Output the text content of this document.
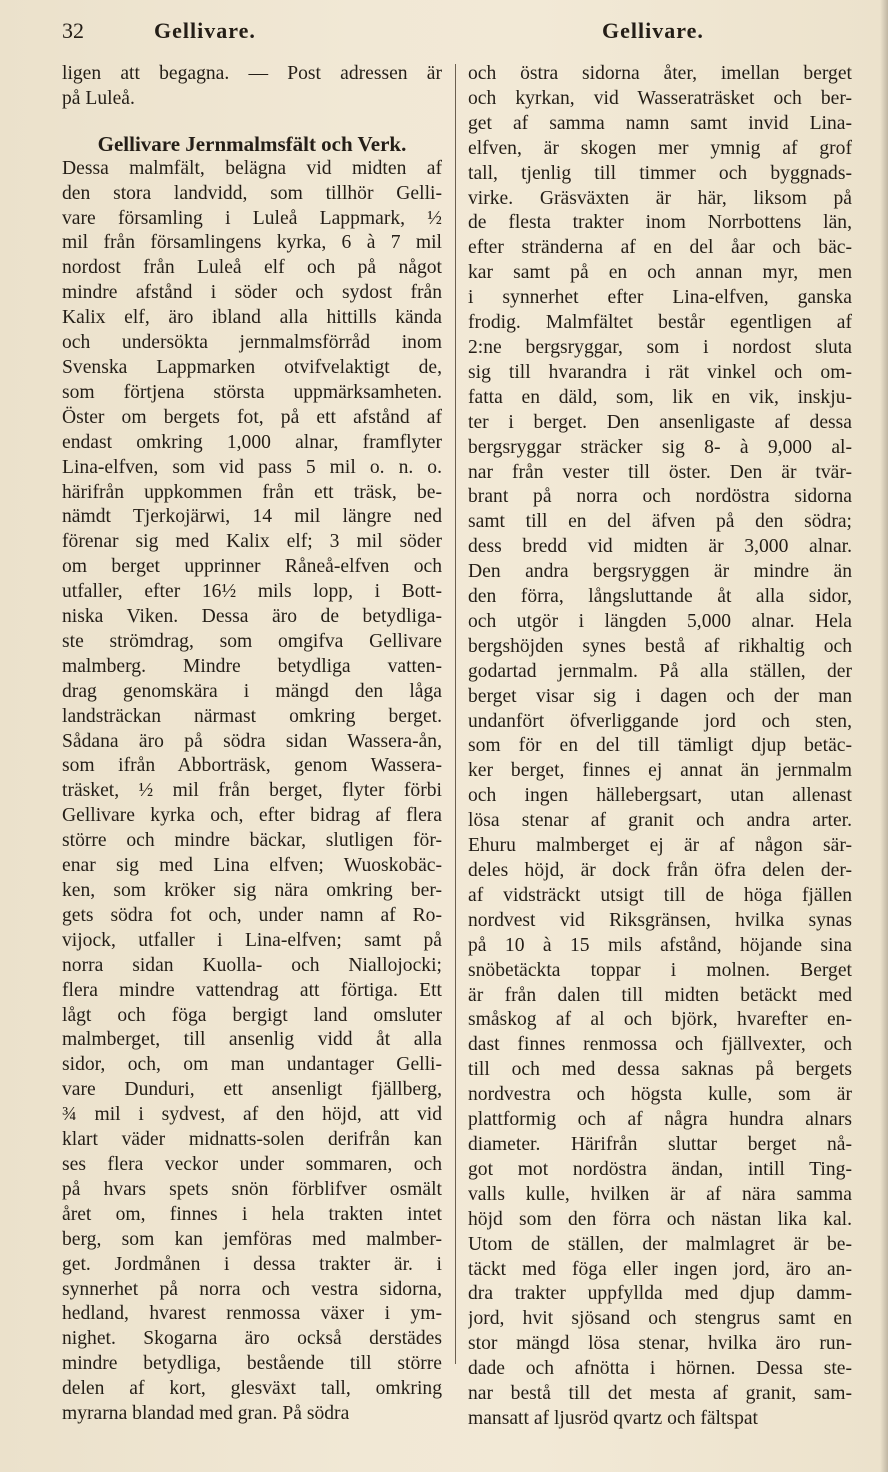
32	Gellivare.	Gellivare.
ligen att begagna. — Post adressen är
på Luleå.
Gellivare Jernmalmsfält och Verk.
Dessa malmfält, belägna vid midten af
den stora landvidd, som tillhör Gelli-
vare församling i Luleå Lappmark, ½
mil från församlingens kyrka, 6 à 7 mil
nordost från Luleå elf och på något
mindre afstånd i söder och sydost från
Kalix elf, äro ibland alla hittills kända
och undersökta jernmalmsförråd inom
Svenska Lappmarken otvifvelaktigt de,
som förtjena största uppmärksamheten.
Öster om bergets fot, på ett afstånd af
endast omkring 1,000 alnar, framflyter
Lina-elfven, som vid pass 5 mil o. n. o.
härifrån uppkommen från ett träsk, be-
nämdt Tjerkojärwi, 14 mil längre ned
förenar sig med Kalix elf; 3 mil söder
om berget upprinner Råneå-elfven och
utfaller, efter 16½ mils lopp, i Bott-
niska Viken. Dessa äro de betydliga-
ste strömdrag, som omgifva Gellivare
malmberg. Mindre betydliga vatten-
drag genomskära i mängd den låga
landsträckan närmast omkring berget.
Sådana äro på södra sidan Wassera-ån,
som ifrån Abborträsk, genom Wassera-
träsket, ½ mil från berget, flyter förbi
Gellivare kyrka och, efter bidrag af flera
större och mindre bäckar, slutligen för-
enar sig med Lina elfven; Wuoskobäc-
ken, som kröker sig nära omkring ber-
gets södra fot och, under namn af Ro-
vijock, utfaller i Lina-elfven; samt på
norra sidan Kuolla- och Niallojocki;
flera mindre vattendrag att förtiga. Ett
lågt och föga bergigt land omsluter
malmberget, till ansenlig vidd åt alla
sidor, och, om man undantager Gelli-
vare Dunduri, ett ansenligt fjällberg,
¾ mil i sydvest, af den höjd, att vid
klart väder midnatts-solen derifrån kan
ses flera veckor under sommaren, och
på hvars spets snön förblifver osmält
året om, finnes i hela trakten intet
berg, som kan jemföras med malmber-
get. Jordmånen i dessa trakter är. i
synnerhet på norra och vestra sidorna,
hedland, hvarest renmossa växer i ym-
nighet. Skogarna äro också derstädes
mindre betydliga, bestående till större
delen af kort, glesväxt tall, omkring
myrarna blandad med gran. På södra
och östra sidorna åter, imellan berget
och kyrkan, vid Wasseraträsket och ber-
get af samma namn samt invid Lina-
elfven, är skogen mer ymnig af grof
tall, tjenlig till timmer och byggnads-
virke. Gräsväxten är här, liksom på
de flesta trakter inom Norrbottens län,
efter stränderna af en del åar och bäc-
kar samt på en och annan myr, men
i synnerhet efter Lina-elfven, ganska
frodig. Malmfältet består egentligen af
2:ne bergsryggar, som i nordost sluta
sig till hvarandra i rät vinkel och om-
fatta en däld, som, lik en vik, inskju-
ter i berget. Den ansenligaste af dessa
bergsryggar sträcker sig 8- à 9,000 al-
nar från vester till öster. Den är tvär-
brant på norra och nordöstra sidorna
samt till en del äfven på den södra;
dess bredd vid midten är 3,000 alnar.
Den andra bergsryggen är mindre än
den förra, långsluttande åt alla sidor,
och utgör i längden 5,000 alnar. Hela
bergshöjden synes bestå af rikhaltig och
godartad jernmalm. På alla ställen, der
berget visar sig i dagen och der man
undanfört öfverliggande jord och sten,
som för en del till tämligt djup betäc-
ker berget, finnes ej annat än jernmalm
och ingen hällebergsart, utan allenast
lösa stenar af granit och andra arter.
Ehuru malmberget ej är af någon sär-
deles höjd, är dock från öfra delen der-
af vidsträckt utsigt till de höga fjällen
nordvest vid Riksgränsen, hvilka synas
på 10 à 15 mils afstånd, höjande sina
snöbetäckta toppar i molnen. Berget
är från dalen till midten betäckt med
småskog af al och björk, hvarefter en-
dast finnes renmossa och fjällvexter, och
till och med dessa saknas på bergets
nordvestra och högsta kulle, som är
plattformig och af några hundra alnars
diameter. Härifrån sluttar berget nå-
got mot nordöstra ändan, intill Ting-
valls kulle, hvilken är af nära samma
höjd som den förra och nästan lika kal.
Utom de ställen, der malmlagret är be-
täckt med föga eller ingen jord, äro an-
dra trakter uppfyllda med djup damm-
jord, hvit sjösand och stengrus samt en
stor mängd lösa stenar, hvilka äro run-
dade och afnötta i hörnen. Dessa ste-
nar bestå till det mesta af granit, sam-
mansatt af ljusröd qvartz och fältspat
